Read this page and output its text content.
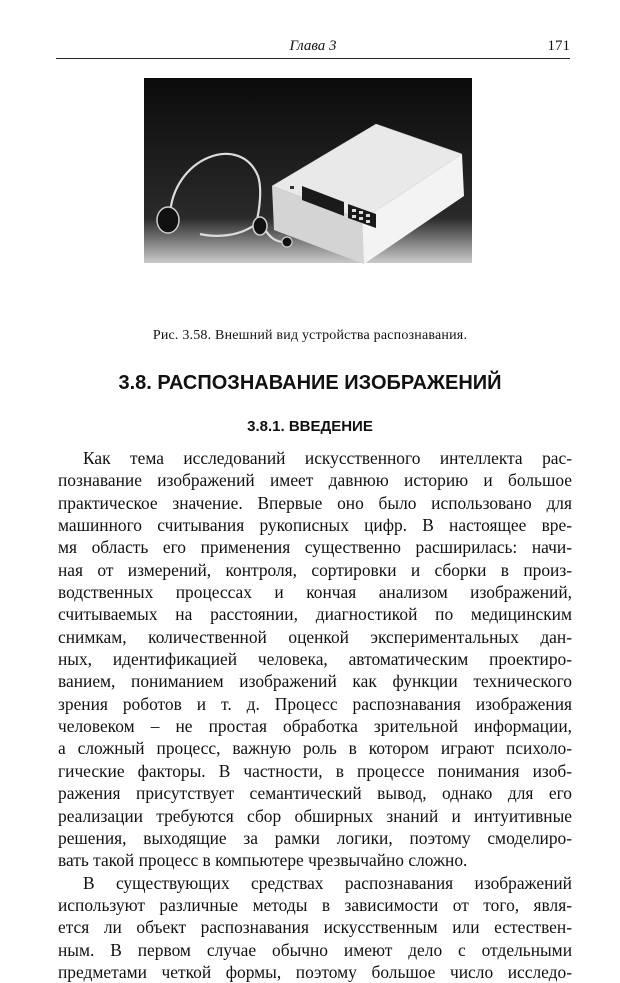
Глава 3	171
Рис. 3.58. Внешний вид устройства распознавания.
3.8. РАСПОЗНАВАНИЕ ИЗОБРАЖЕНИЙ
3.8.1. ВВЕДЕНИЕ
Как тема исследований искусственного интеллекта рас-
познавание изображений имеет давнюю историю и большое
практическое значение. Впервые оно было использовано для
машинного считывания рукописных цифр. В настоящее вре-
мя область его применения существенно расширилась: начи-
ная от измерений, контроля, сортировки и сборки в произ-
водственных процессах и кончая анализом изображений,
считываемых на расстоянии, диагностикой по медицинским
снимкам, количественной оценкой экспериментальных дан-
ных, идентификацией человека, автоматическим проектиро-
ванием, пониманием изображений как функции технического
зрения роботов и т. д. Процесс распознавания изображения
человеком – не простая обработка зрительной информации,
а сложный процесс, важную роль в котором играют психоло-
гические факторы. В частности, в процессе понимания изоб-
ражения присутствует семантический вывод, однако для его
реализации требуются сбор обширных знаний и интуитивные
решения, выходящие за рамки логики, поэтому смоделиро-
вать такой процесс в компьютере чрезвычайно сложно.
В существующих средствах распознавания изображений
используют различные методы в зависимости от того, явля-
ется ли объект распознавания искусственным или естествен-
ным. В первом случае обычно имеют дело с отдельными
предметами четкой формы, поэтому большое число исследо-
